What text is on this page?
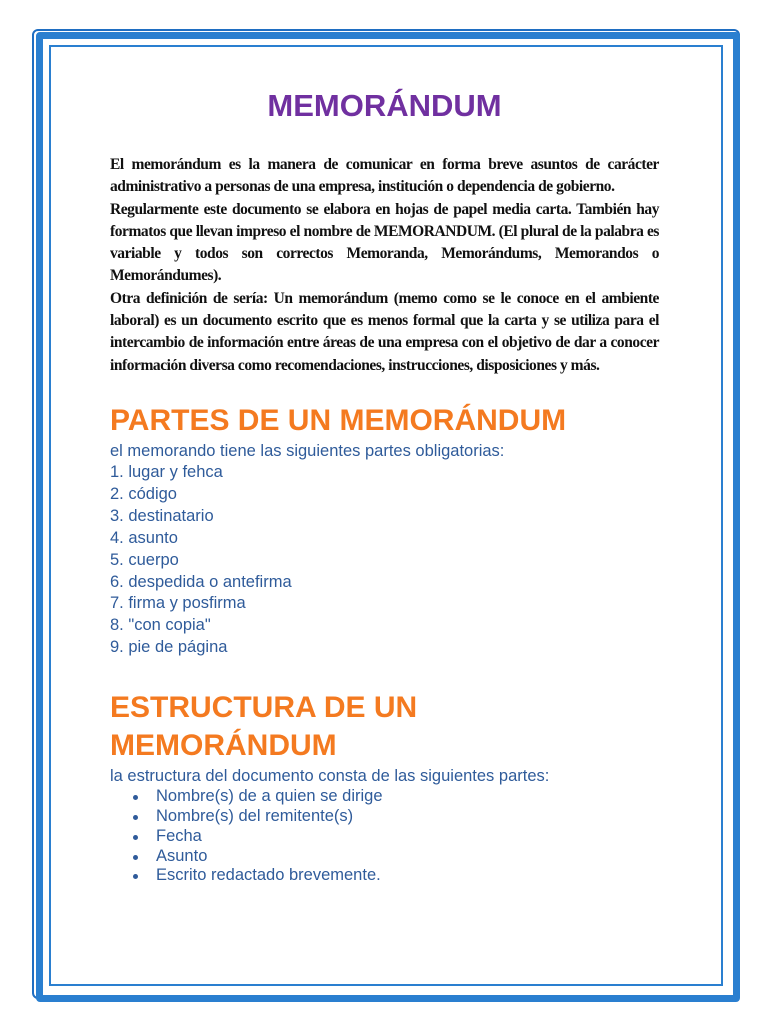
MEMORÁNDUM

El memorándum es la manera de comunicar en forma breve asuntos de carácter administrativo a personas de una empresa, institución o dependencia de gobierno.

Regularmente este documento se elabora en hojas de papel media carta. También hay formatos que llevan impreso el nombre de MEMORANDUM. (El plural de la palabra es variable y todos son correctos Memoranda, Memorándums, Memorandos o Memorándumes).

Otra definición de sería: Un memorándum (memo como se le conoce en el ambiente laboral) es un documento escrito que es menos formal que la carta y se utiliza para el intercambio de información entre áreas de una empresa con el objetivo de dar a conocer información diversa como recomendaciones, instrucciones, disposiciones y más.

PARTES DE UN MEMORÁNDUM

el memorando tiene las siguientes partes obligatorias:

1. lugar y fehca
2. código
3. destinatario
4. asunto
5. cuerpo
6. despedida o antefirma
7. firma y posfirma
8. "con copia"
9. pie de página
ESTRUCTURA DE UN
MEMORÁNDUM

la estructura del documento consta de las siguientes partes:

Nombre(s) de a quien se dirige
Nombre(s) del remitente(s)
Fecha
Asunto
Escrito redactado brevemente.
